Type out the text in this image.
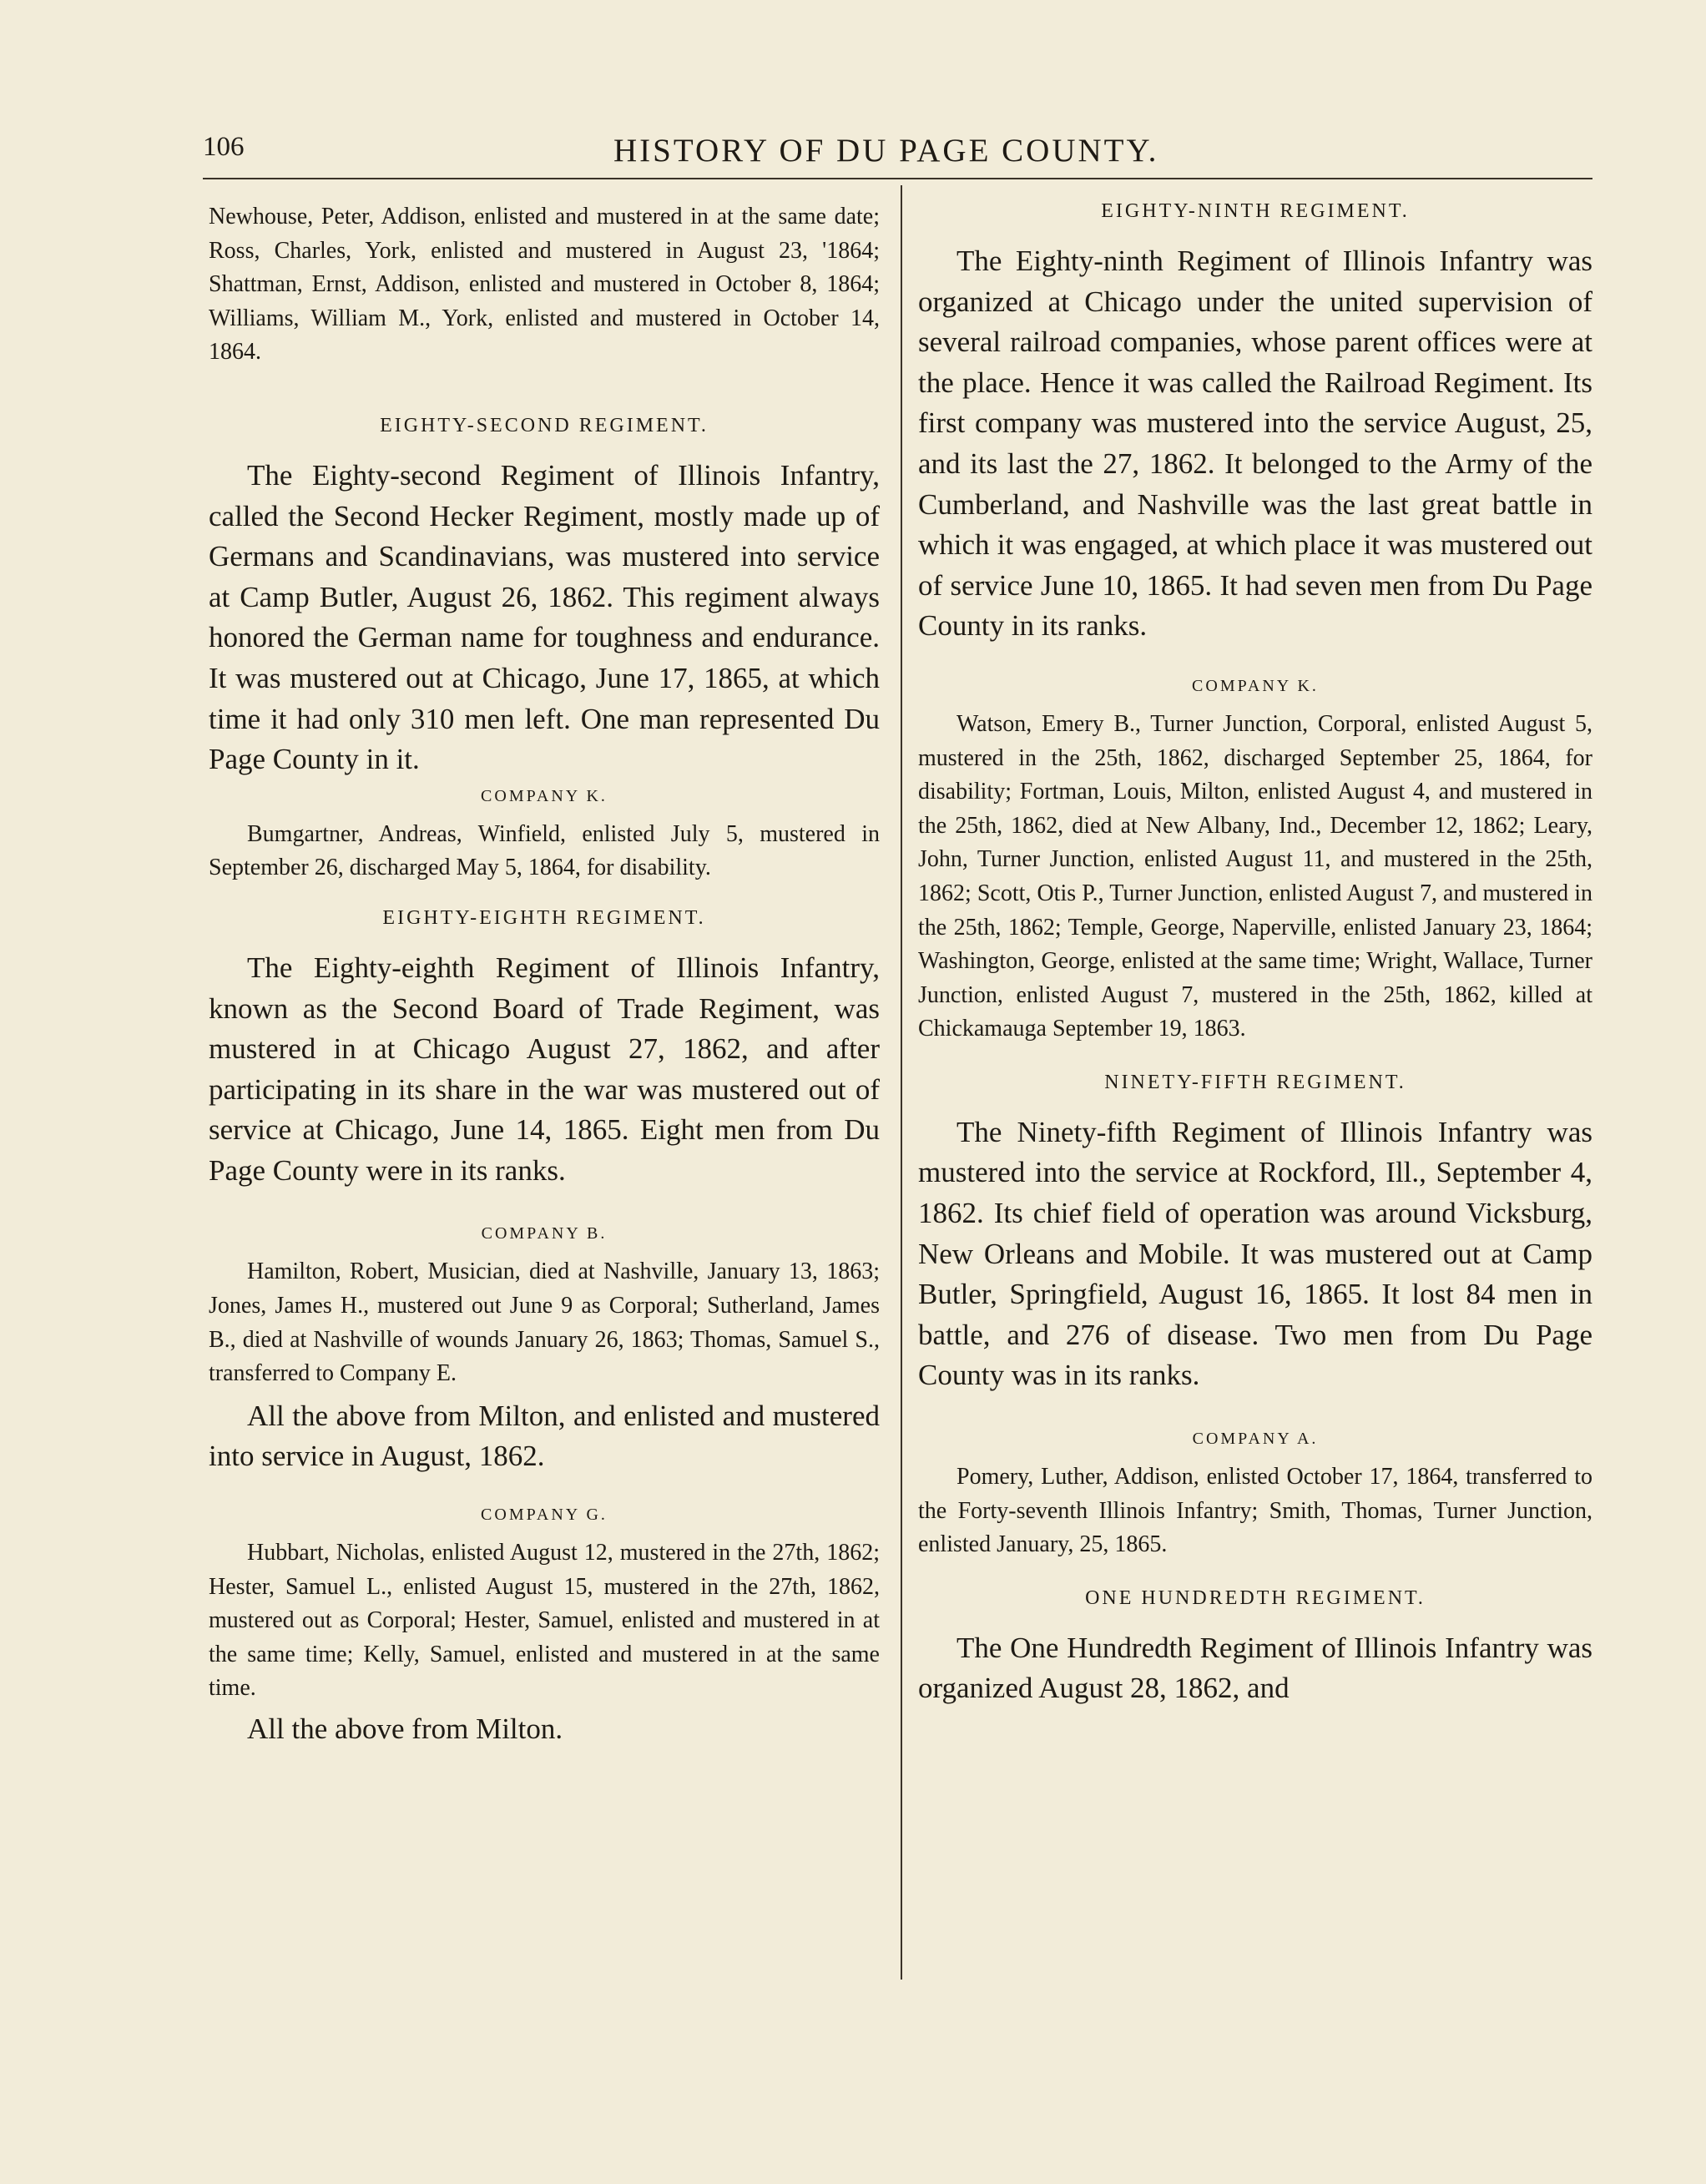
106	HISTORY OF DU PAGE COUNTY.

Newhouse, Peter, Addison, enlisted and mustered in at the same date; Ross, Charles, York, enlisted and mustered in August 23, '1864; Shattman, Ernst, Addison, enlisted and mustered in October 8, 1864; Williams, William M., York, enlisted and mustered in October 14, 1864.

EIGHTY-SECOND REGIMENT.

The Eighty-second Regiment of Illinois Infantry, called the Second Hecker Regiment, mostly made up of Germans and Scandinavians, was mustered into service at Camp Butler, August 26, 1862. This regiment always honored the German name for toughness and endurance. It was mustered out at Chicago, June 17, 1865, at which time it had only 310 men left. One man represented Du Page County in it.

COMPANY K.

Bumgartner, Andreas, Winfield, enlisted July 5, mustered in September 26, discharged May 5, 1864, for disability.

EIGHTY-EIGHTH REGIMENT.

The Eighty-eighth Regiment of Illinois Infantry, known as the Second Board of Trade Regiment, was mustered in at Chicago August 27, 1862, and after participating in its share in the war was mustered out of service at Chicago, June 14, 1865. Eight men from Du Page County were in its ranks.

COMPANY B.

Hamilton, Robert, Musician, died at Nashville, January 13, 1863; Jones, James H., mustered out June 9 as Corporal; Sutherland, James B., died at Nashville of wounds January 26, 1863; Thomas, Samuel S., transferred to Company E.

All the above from Milton, and enlisted and mustered into service in August, 1862.

COMPANY G.

Hubbart, Nicholas, enlisted August 12, mustered in the 27th, 1862; Hester, Samuel L., enlisted August 15, mustered in the 27th, 1862, mustered out as Corporal; Hester, Samuel, enlisted and mustered in at the same time; Kelly, Samuel, enlisted and mustered in at the same time.

All the above from Milton.

EIGHTY-NINTH REGIMENT.

The Eighty-ninth Regiment of Illinois Infantry was organized at Chicago under the united supervision of several railroad companies, whose parent offices were at the place. Hence it was called the Railroad Regiment. Its first company was mustered into the service August, 25, and its last the 27, 1862. It belonged to the Army of the Cumberland, and Nashville was the last great battle in which it was engaged, at which place it was mustered out of service June 10, 1865. It had seven men from Du Page County in its ranks.

COMPANY K.

Watson, Emery B., Turner Junction, Corporal, enlisted August 5, mustered in the 25th, 1862, discharged September 25, 1864, for disability; Fortman, Louis, Milton, enlisted August 4, and mustered in the 25th, 1862, died at New Albany, Ind., December 12, 1862; Leary, John, Turner Junction, enlisted August 11, and mustered in the 25th, 1862; Scott, Otis P., Turner Junction, enlisted August 7, and mustered in the 25th, 1862; Temple, George, Naperville, enlisted January 23, 1864; Washington, George, enlisted at the same time; Wright, Wallace, Turner Junction, enlisted August 7, mustered in the 25th, 1862, killed at Chickamauga September 19, 1863.

NINETY-FIFTH REGIMENT.

The Ninety-fifth Regiment of Illinois Infantry was mustered into the service at Rockford, Ill., September 4, 1862. Its chief field of operation was around Vicksburg, New Orleans and Mobile. It was mustered out at Camp Butler, Springfield, August 16, 1865. It lost 84 men in battle, and 276 of disease. Two men from Du Page County was in its ranks.

COMPANY A.

Pomery, Luther, Addison, enlisted October 17, 1864, transferred to the Forty-seventh Illinois Infantry; Smith, Thomas, Turner Junction, enlisted January, 25, 1865.

ONE HUNDREDTH REGIMENT.

The One Hundredth Regiment of Illinois Infantry was organized August 28, 1862, and
